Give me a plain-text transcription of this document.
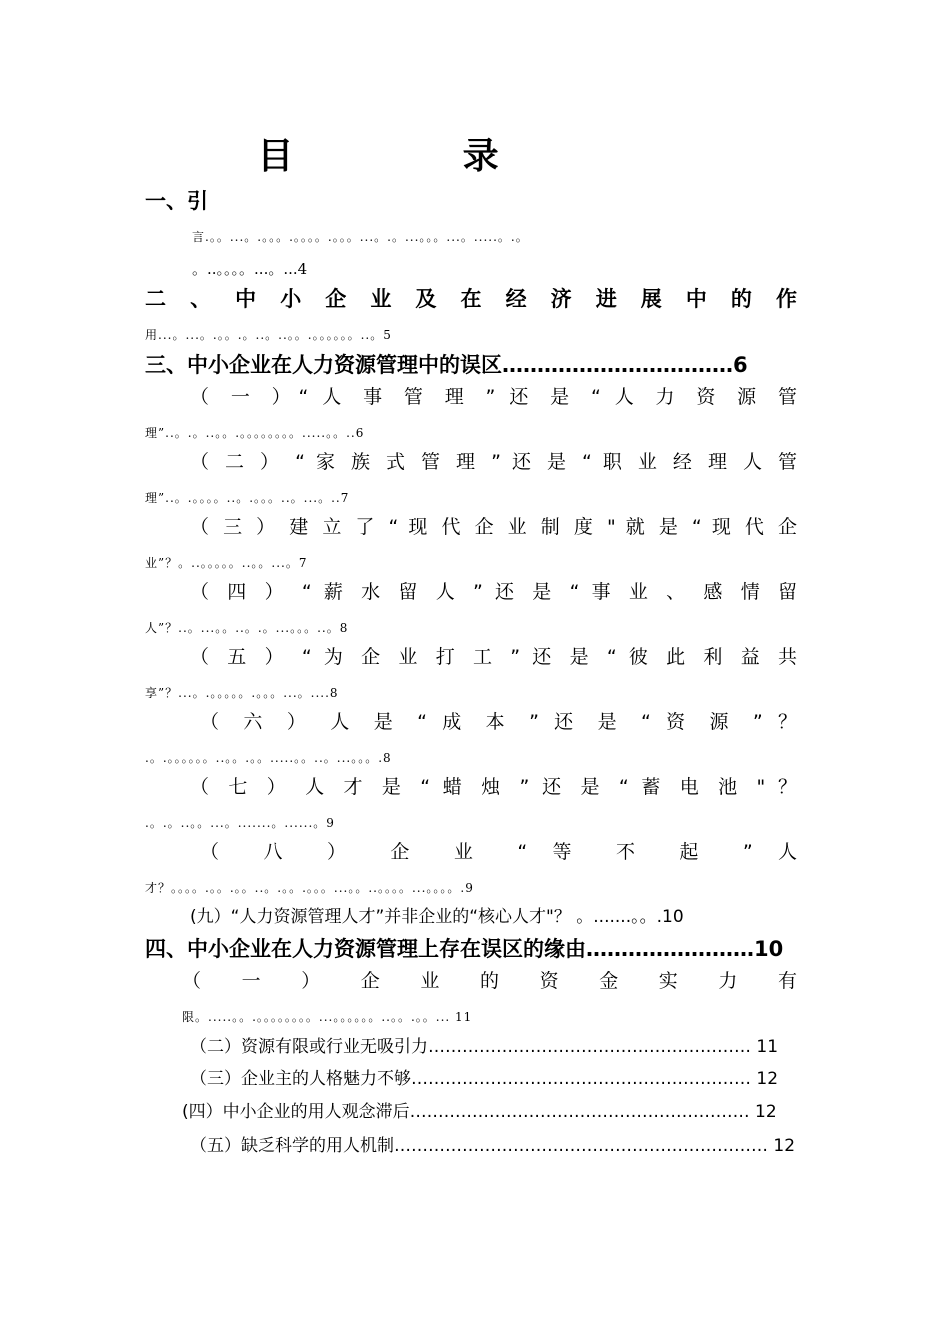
目          录
一、引
言.。。...。.。。。.。。。。.。。。...。.。...。。。...。.....。.。
。..。。。。...。...4
二 、 中 小 企 业 及 在 经 济 进 展 中 的 作
用...。...。.。。.。..。..。。.。。。。。。..。5
三、中小企业在人力资源管理中的误区……………………………6
（ 一 ）“ 人 事 管 理 ” 还 是 “ 人 力 资 源 管
理”..。.。..。。.。。。。。。。。.....。。..6
（ 二 ） “ 家 族 式 管 理 ” 还 是 “ 职 业 经 理 人 管
理”..。.。。。。..。.。。。..。...。..7
（ 三 ） 建 立 了 “ 现 代 企 业 制 度 " 就 是 “ 现 代 企
业”？。..。。。。。..。。...。7
（ 四 ） “ 薪 水 留 人 ” 还 是 “ 事 业 、 感 情 留
人”？..。...。。..。.。...。。。..。8
（ 五 ） “ 为 企 业 打 工 ” 还 是 “ 彼 此 利 益 共
享”？...。.。。。。。.。。。...。....8
（ 六 ） 人 是 “ 成 本 ” 还 是 “ 资 源 ” ？
.。.。。。。。。..。。.。。.....。。..。...。。。.8
（ 七 ） 人 才 是 “ 蜡 烛 ” 还 是 “ 蓄 电 池 " ？
.。.。..。。...。.......。......。9
（ 八 ） 企 业 “ 等 不 起 ” 人
才？。。。。.。。.。。..。.。。.。。。...。。..。。。。...。。。。.9
(九）“人力资源管理人才”并非企业的“核心人才"？ 。.......。。.10
四、中小企业在人力资源管理上存在误区的缘由……………………10
（ 一 ） 企 业 的 资 金 实 力 有
限。.....。。.。。。。。。。。...。。。。。。..。。.。。... 11
（二）资源有限或行业无吸引力………………………………………………… 11
（三）企业主的人格魅力不够…………………………………………………… 12
(四）中小企业的用人观念滞后…………………………………………………… 12
（五）缺乏科学的用人机制………………………………………………………… 12
